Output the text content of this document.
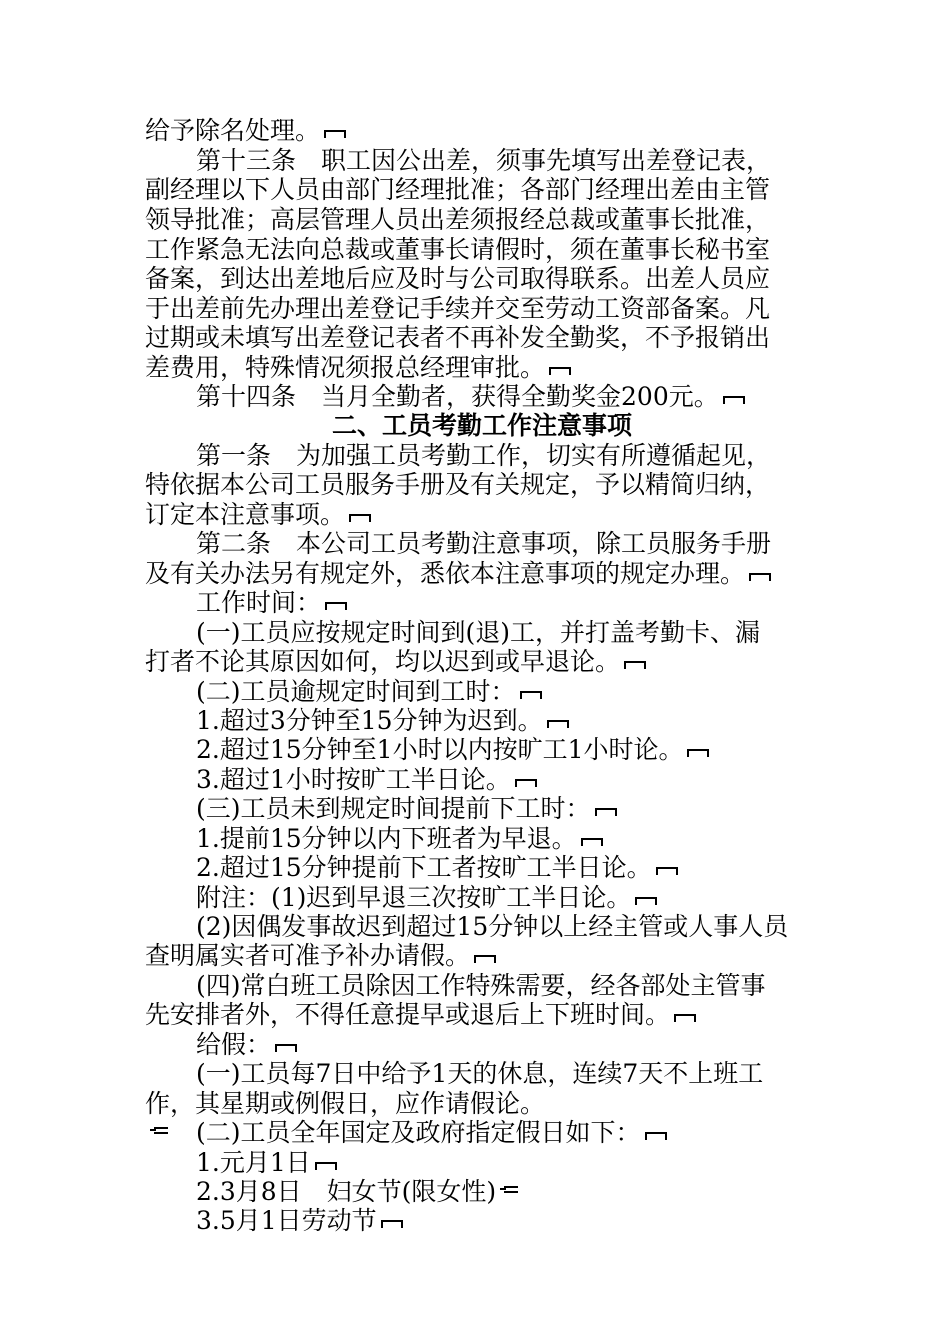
给予除名处理。
第十三条　职工因公出差，须事先填写出差登记表，
副经理以下人员由部门经理批准；各部门经理出差由主管
领导批准；高层管理人员出差须报经总裁或董事长批准，
工作紧急无法向总裁或董事长请假时，须在董事长秘书室
备案，到达出差地后应及时与公司取得联系。出差人员应
于出差前先办理出差登记手续并交至劳动工资部备案。凡
过期或未填写出差登记表者不再补发全勤奖，不予报销出
差费用，特殊情况须报总经理审批。
第十四条　当月全勤者，获得全勤奖金200元。
二、工员考勤工作注意事项
第一条　为加强工员考勤工作，切实有所遵循起见，
特依据本公司工员服务手册及有关规定，予以精简归纳，
订定本注意事项。
第二条　本公司工员考勤注意事项，除工员服务手册
及有关办法另有规定外，悉依本注意事项的规定办理。
工作时间：
(一)工员应按规定时间到(退)工，并打盖考勤卡、漏
打者不论其原因如何，均以迟到或早退论。
(二)工员逾规定时间到工时：
1.超过3分钟至15分钟为迟到。
2.超过15分钟至1小时以内按旷工1小时论。
3.超过1小时按旷工半日论。
(三)工员未到规定时间提前下工时：
1.提前15分钟以内下班者为早退。
2.超过15分钟提前下工者按旷工半日论。
附注：(1)迟到早退三次按旷工半日论。
(2)因偶发事故迟到超过15分钟以上经主管或人事人员
查明属实者可准予补办请假。
(四)常白班工员除因工作特殊需要，经各部处主管事
先安排者外，不得任意提早或退后上下班时间。
给假：
(一)工员每7日中给予1天的休息，连续7天不上班工
作，其星期或例假日，应作请假论。
(二)工员全年国定及政府指定假日如下：
1.元月1日
2.3月8日　妇女节(限女性)
3.5月1日劳动节
